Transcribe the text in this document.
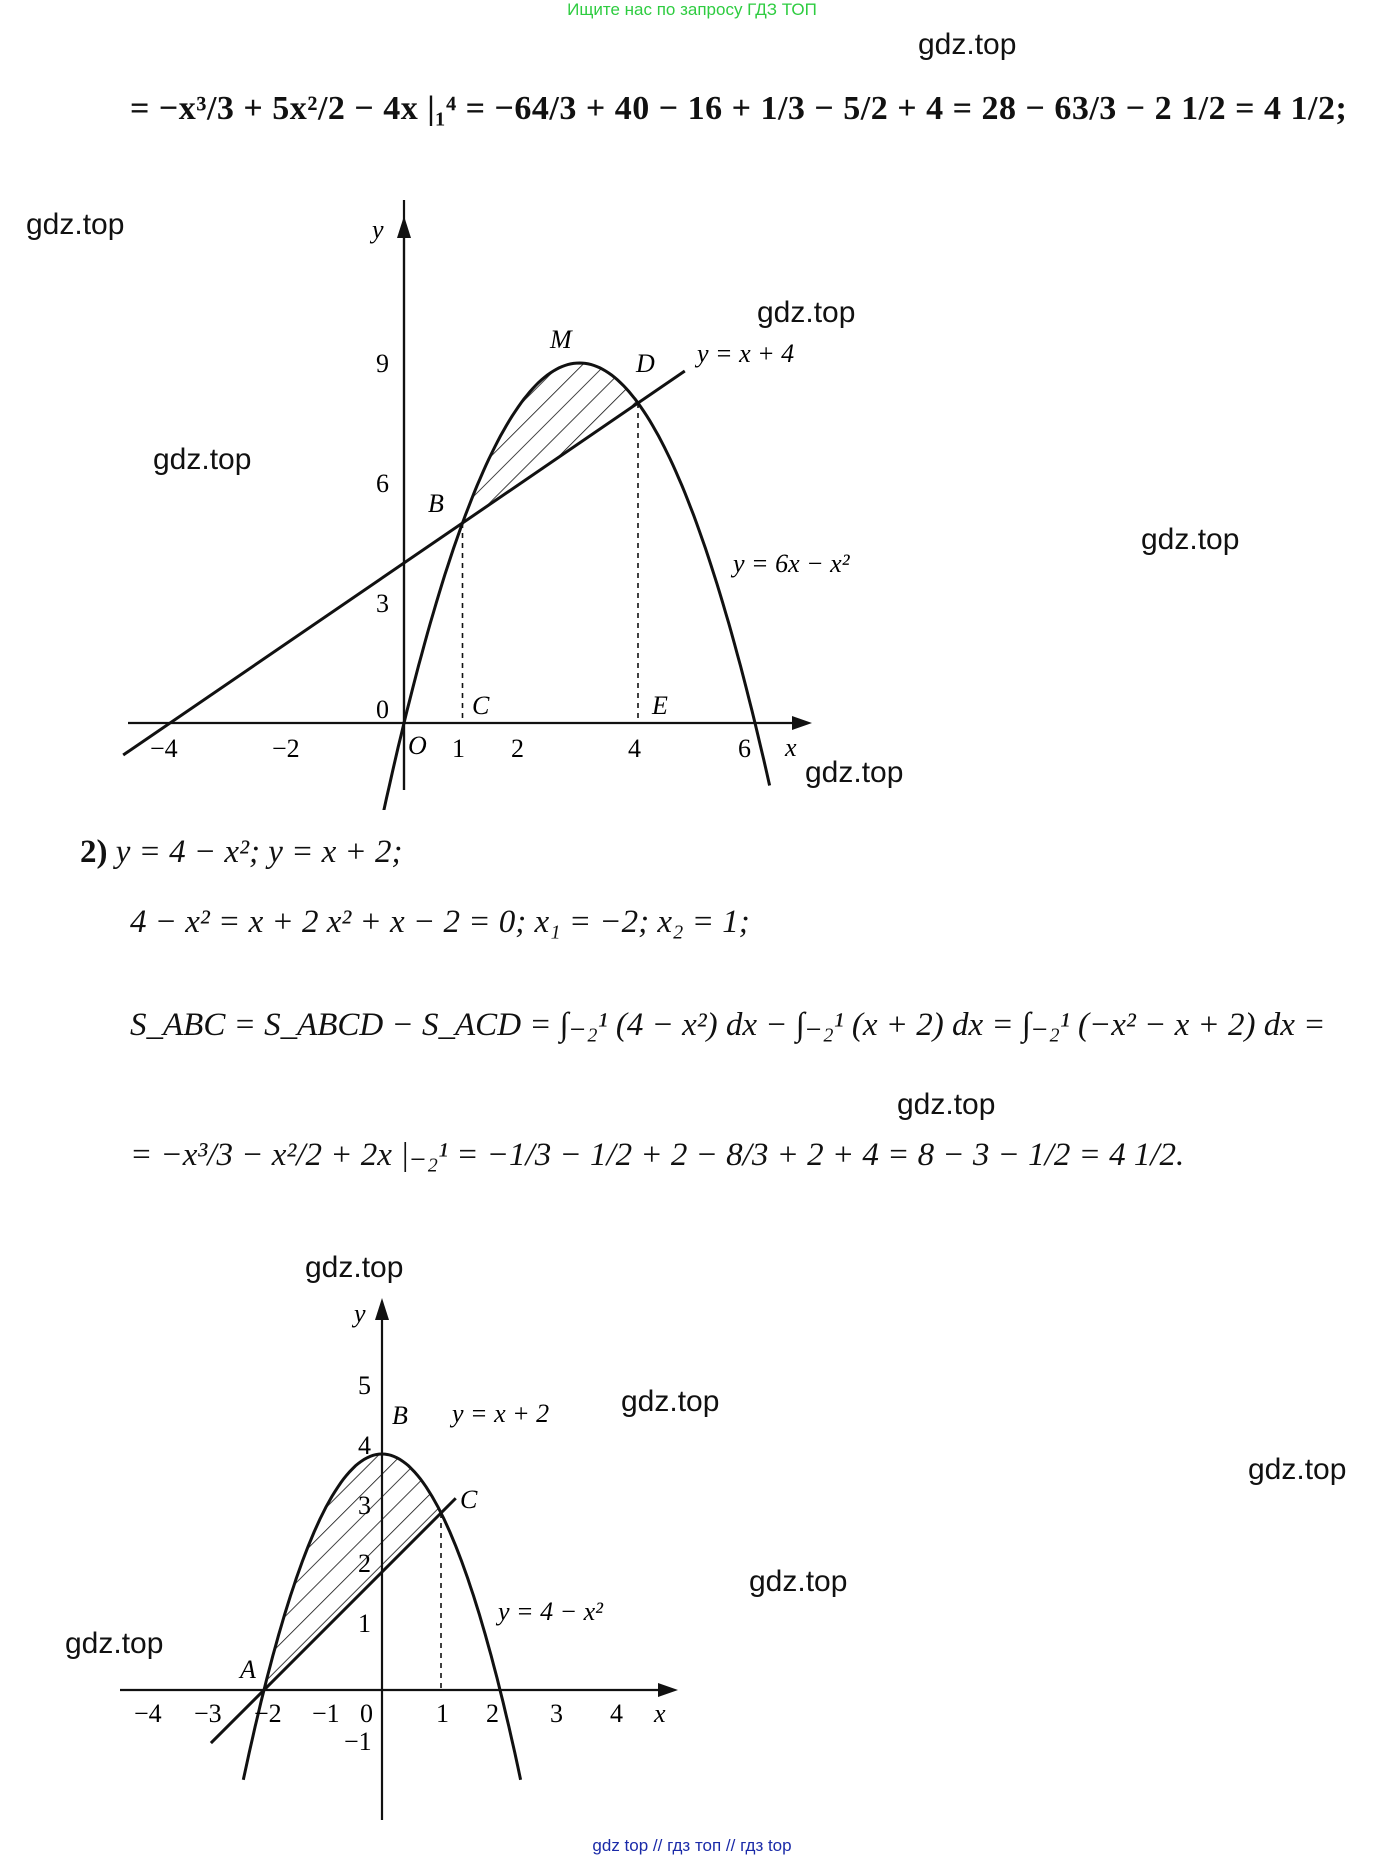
Ищите нас по запросу ГДЗ ТОП
gdz top // гдз топ // гдз top
gdz.top
gdz.top
gdz.top
gdz.top
gdz.top
gdz.top
gdz.top
gdz.top
gdz.top
gdz.top
gdz.top
gdz.top
= −x³/3 + 5x²/2 − 4x |₁⁴ = −64/3 + 40 − 16 + 1/3 − 5/2 + 4 = 28 − 63/3 − 2 1/2 = 4 1/2;
y
x
9
6
3
0
−4	−2	1 2	4	6
O
M
D
B
C	E
y = x + 4
y = 6x − x²
2) y = 4 − x²; y = x + 2;
4 − x² = x + 2 x² + x − 2 = 0; x₁ = −2; x₂ = 1;
S_ABC = S_ABCD − S_ACD = ∫₋₂¹ (4 − x²) dx − ∫₋₂¹ (x + 2) dx = ∫₋₂¹ (−x² − x + 2) dx =
= −x³/3 − x²/2 + 2x |₋₂¹ = −1/3 − 1/2 + 2 − 8/3 + 2 + 4 = 8 − 3 − 1/2 = 4 1/2.
y
x
5
4
3
2
1
−1
−4 −3 −2 −1 0 1 2 3 4
A
B
C
y = x + 2
y = 4 − x²
